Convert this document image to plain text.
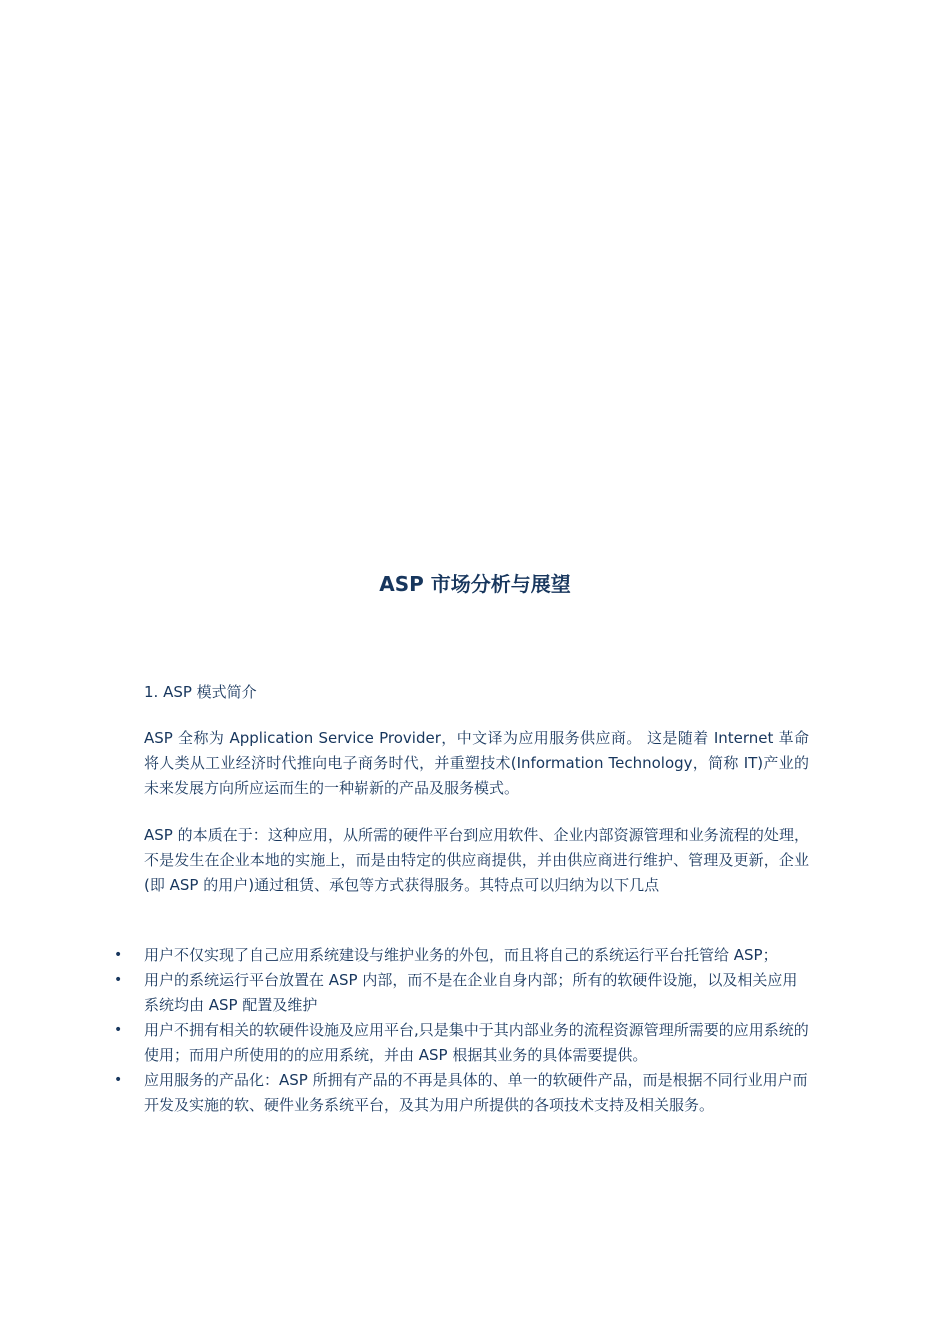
ASP 市场分析与展望

1. ASP 模式简介

ASP 全称为 Application Service Provider，中文译为应用服务供应商。 这是随着 Internet 革命将人类从工业经济时代推向电子商务时代，并重塑技术(Information Technology，简称 IT)产业的未来发展方向所应运而生的一种崭新的产品及服务模式。

ASP 的本质在于：这种应用，从所需的硬件平台到应用软件、企业内部资源管理和业务流程的处理，不是发生在企业本地的实施上，而是由特定的供应商提供，并由供应商进行维护、管理及更新，企业(即 ASP 的用户)通过租赁、承包等方式获得服务。其特点可以归纳为以下几点

• 用户不仅实现了自己应用系统建设与维护业务的外包，而且将自己的系统运行平台托管给 ASP；
• 用户的系统运行平台放置在 ASP 内部，而不是在企业自身内部；所有的软硬件设施，以及相关应用系统均由 ASP 配置及维护
• 用户不拥有相关的软硬件设施及应用平台,只是集中于其内部业务的流程资源管理所需要的应用系统的使用；而用户所使用的的应用系统，并由 ASP 根据其业务的具体需要提供。
• 应用服务的产品化：ASP 所拥有产品的不再是具体的、单一的软硬件产品，而是根据不同行业用户而开发及实施的软、硬件业务系统平台，及其为用户所提供的各项技术支持及相关服务。
